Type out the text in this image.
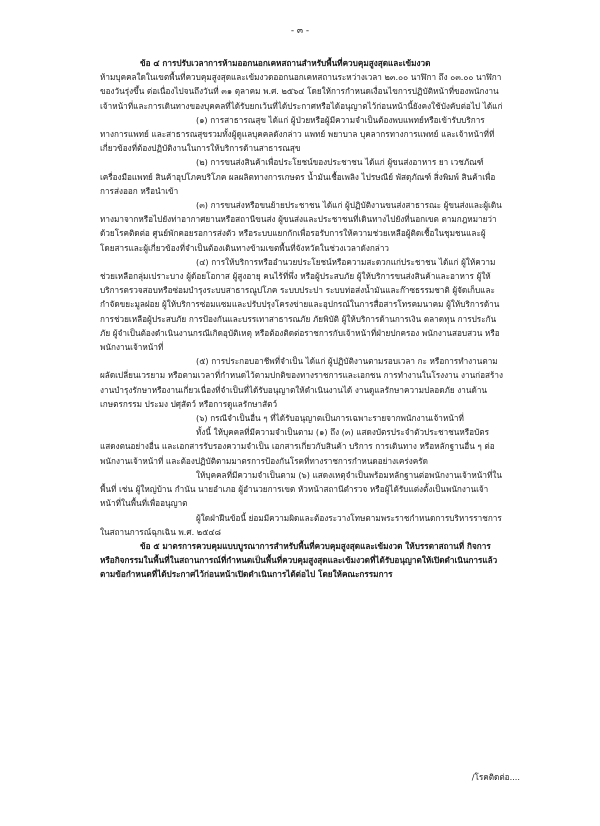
- ๓ -

ข้อ ๔ การปรับเวลาการห้ามออกนอกเคหสถานสำหรับพื้นที่ควบคุมสูงสุดและเข้มงวด

ห้ามบุคคลใดในเขตพื้นที่ควบคุมสูงสุดและเข้มงวดออกนอกเคหสถานระหว่างเวลา ๒๓.๐๐ นาฬิกา ถึง ๐๓.๐๐ นาฬิกาของวันรุ่งขึ้น ต่อเนื่องไปจนถึงวันที่ ๓๑ ตุลาคม พ.ศ. ๒๕๖๔ โดยให้การกำหนดเงื่อนไขการปฏิบัติหน้าที่ของพนักงานเจ้าหน้าที่และการเดินทางของบุคคลที่ได้รับยกเว้นที่ได้ประกาศหรือได้อนุญาตไว้ก่อนหน้านี้ยังคงใช้บังคับต่อไป ได้แก่

(๑) การสาธารณสุข ได้แก่ ผู้ป่วยหรือผู้มีความจำเป็นต้องพบแพทย์หรือเข้ารับบริการทางการแพทย์ และสาธารณสุขรวมทั้งผู้ดูแลบุคคลดังกล่าว แพทย์ พยาบาล บุคลากรทางการแพทย์ และเจ้าหน้าที่ที่เกี่ยวข้องที่ต้องปฏิบัติงานในการให้บริการด้านสาธารณสุข

(๒) การขนส่งสินค้าเพื่อประโยชน์ของประชาชน ได้แก่ ผู้ขนส่งอาหาร ยา เวชภัณฑ์ เครื่องมือแพทย์ สินค้าอุปโภคบริโภค ผลผลิตทางการเกษตร น้ำมันเชื้อเพลิง ไปรษณีย์ พัสดุภัณฑ์ สิ่งพิมพ์ สินค้าเพื่อการส่งออก หรือนำเข้า

(๓) การขนส่งหรือขนย้ายประชาชน ได้แก่ ผู้ปฏิบัติงานขนส่งสาธารณะ ผู้ขนส่งและผู้เดินทางมาจากหรือไปยังท่าอากาศยานหรือสถานีขนส่ง ผู้ขนส่งและประชาชนที่เดินทางไปยังที่นอกเขต ตามกฎหมายว่าด้วยโรคติดต่อ ศูนย์พักคอยรอการส่งตัว หรือระบบแยกกักเพื่อรอรับการให้ความช่วยเหลือผู้ติดเชื้อในชุมชนและผู้โดยสารและผู้เกี่ยวข้องที่จำเป็นต้องเดินทางข้ามเขตพื้นที่จังหวัดในช่วงเวลาดังกล่าว

(๔) การให้บริการหรืออำนวยประโยชน์หรือความสะดวกแก่ประชาชน ได้แก่ ผู้ให้ความช่วยเหลือกลุ่มเปราะบาง ผู้ด้อยโอกาส ผู้สูงอายุ คนไร้ที่พึ่ง หรือผู้ประสบภัย ผู้ให้บริการขนส่งสินค้าและอาหาร ผู้ให้บริการตรวจสอบหรือซ่อมบำรุงระบบสาธารณูปโภค ระบบประปา ระบบท่อส่งน้ำมันและก๊าซธรรมชาติ ผู้จัดเก็บและกำจัดขยะมูลฝอย ผู้ให้บริการซ่อมแซมและปรับปรุงโครงข่ายและอุปกรณ์ในการสื่อสารโทรคมนาคม ผู้ให้บริการด้านการช่วยเหลือผู้ประสบภัย การป้องกันและบรรเทาสาธารณภัย ภัยพิบัติ ผู้ให้บริการด้านการเงิน ตลาดทุน การประกันภัย ผู้จำเป็นต้องดำเนินงานกรณีเกิดอุบัติเหตุ หรือต้องติดต่อราชการกับเจ้าหน้าที่ฝ่ายปกครอง พนักงานสอบสวน หรือพนักงานเจ้าหน้าที่

(๕) การประกอบอาชีพที่จำเป็น ได้แก่ ผู้ปฏิบัติงานตามรอบเวลา กะ หรือการทำงานตามผลัดเปลี่ยนเวรยาม หรือตามเวลาที่กำหนดไว้ตามปกติของทางราชการและเอกชน การทำงานในโรงงาน งานก่อสร้าง งานบำรุงรักษาหรืองานเกี่ยวเนื่องที่จำเป็นที่ได้รับอนุญาตให้ดำเนินงานได้ งานดูแลรักษาความปลอดภัย งานด้านเกษตรกรรม ประมง ปศุสัตว์ หรือการดูแลรักษาสัตว์

(๖) กรณีจำเป็นอื่น ๆ ที่ได้รับอนุญาตเป็นการเฉพาะรายจากพนักงานเจ้าหน้าที่

ทั้งนี้ ให้บุคคลที่มีความจำเป็นตาม (๑) ถึง (๓) แสดงบัตรประจำตัวประชาชนหรือบัตรแสดงตนอย่างอื่น และเอกสารรับรองความจำเป็น เอกสารเกี่ยวกับสินค้า บริการ การเดินทาง หรือหลักฐานอื่น ๆ ต่อพนักงานเจ้าหน้าที่ และต้องปฏิบัติตามมาตรการป้องกันโรคที่ทางราชการกำหนดอย่างเคร่งครัด

ให้บุคคลที่มีความจำเป็นตาม (๖) แสดงเหตุจำเป็นพร้อมหลักฐานต่อพนักงานเจ้าหน้าที่ในพื้นที่ เช่น ผู้ใหญ่บ้าน กำนัน นายอำเภอ ผู้อำนวยการเขต หัวหน้าสถานีตำรวจ หรือผู้ได้รับแต่งตั้งเป็นพนักงานเจ้าหน้าที่ในพื้นที่เพื่ออนุญาต

ผู้ใดฝ่าฝืนข้อนี้ ย่อมมีความผิดและต้องระวางโทษตามพระราชกำหนดการบริหารราชการในสถานการณ์ฉุกเฉิน พ.ศ. ๒๕๔๘

ข้อ ๕ มาตรการควบคุมแบบบูรณาการสำหรับพื้นที่ควบคุมสูงสุดและเข้มงวด ให้บรรดาสถานที่ กิจการ หรือกิจกรรมในพื้นที่ในสถานการณ์ที่กำหนดเป็นพื้นที่ควบคุมสูงสุดและเข้มงวดที่ได้รับอนุญาตให้เปิดดำเนินการแล้วตามข้อกำหนดที่ได้ประกาศไว้ก่อนหน้าเปิดดำเนินการได้ต่อไป โดยให้คณะกรรมการ

/โรคติดต่อ....
